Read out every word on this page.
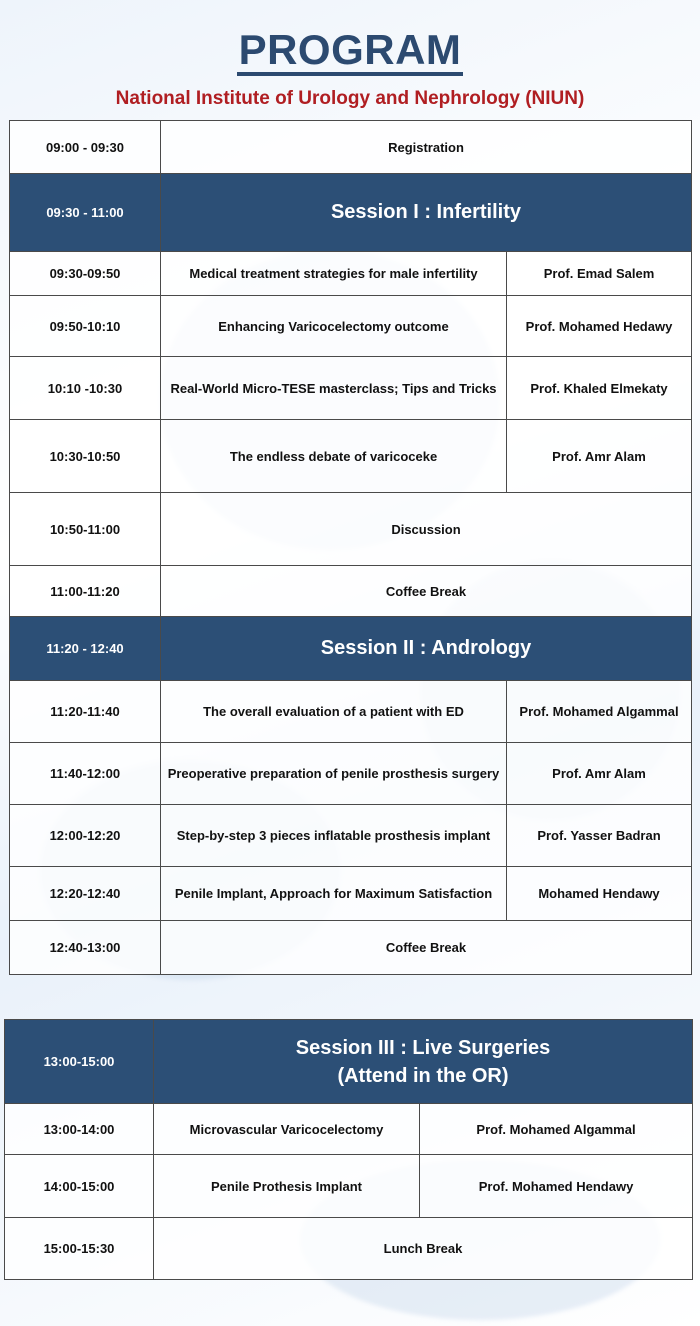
PROGRAM
National Institute of Urology and Nephrology (NIUN)
09:00 - 09:30	Registration	
09:30 - 11:00	Session I : Infertility	
09:30-09:50	Medical treatment strategies for male infertility	Prof. Emad Salem
09:50-10:10	Enhancing Varicocelectomy outcome	Prof. Mohamed Hedawy
10:10 -10:30	Real-World Micro-TESE masterclass; Tips and Tricks	Prof. Khaled Elmekaty
10:30-10:50	The endless debate of varicoceke	Prof. Amr Alam
10:50-11:00	Discussion	
11:00-11:20	Coffee Break	
11:20 - 12:40	Session II : Andrology	
11:20-11:40	The overall evaluation of a patient with ED	Prof. Mohamed Algammal
11:40-12:00	Preoperative preparation of penile prosthesis surgery	Prof. Amr Alam
12:00-12:20	Step-by-step 3 pieces inflatable prosthesis implant	Prof. Yasser Badran
12:20-12:40	Penile Implant, Approach for Maximum Satisfaction	Mohamed Hendawy
12:40-13:00	Coffee Break	
13:00-15:00	Session III : Live Surgeries
(Attend in the OR)	

13:00-14:00	Microvascular Varicocelectomy	Prof. Mohamed Algammal
14:00-15:00	Penile Prothesis Implant	Prof. Mohamed Hendawy
15:00-15:30	Lunch Break	
